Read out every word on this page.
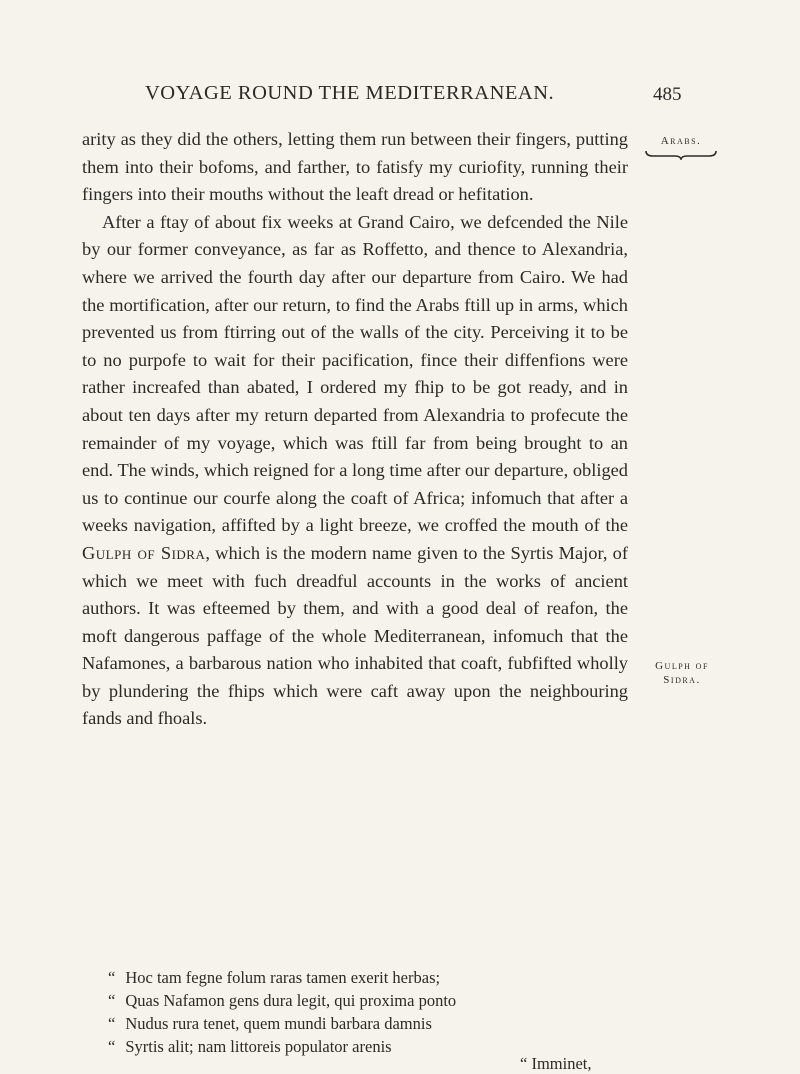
VOYAGE ROUND THE MEDITERRANEAN.	485
Arabs.
Gulph of
Sidra.

arity as they did the others, letting them run between their fingers, putting them into their bofoms, and farther, to fatisfy my curiofity, running their fingers into their mouths without the leaft dread or hefitation.

After a ftay of about fix weeks at Grand Cairo, we defcended the Nile by our former conveyance, as far as Roffetto, and thence to Alexandria, where we arrived the fourth day after our departure from Cairo. We had the mortification, after our return, to find the Arabs ftill up in arms, which prevented us from ftirring out of the walls of the city. Perceiving it to be to no purpofe to wait for their pacification, fince their diffenfions were rather increafed than abated, I ordered my fhip to be got ready, and in about ten days after my return departed from Alexandria to profecute the remainder of my voyage, which was ftill far from being brought to an end. The winds, which reigned for a long time after our departure, obliged us to continue our courfe along the coaft of Africa; infomuch that after a weeks navigation, affifted by a light breeze, we croffed the mouth of the Gulph of Sidra, which is the modern name given to the Syrtis Major, of which we meet with fuch dreadful accounts in the works of ancient authors. It was efteemed by them, and with a good deal of reafon, the moft dangerous paffage of the whole Mediterranean, infomuch that the Nafamones, a barbarous nation who inhabited that coaft, fubfifted wholly by plundering the fhips which were caft away upon the neighbouring fands and fhoals.

“ Hoc tam fegne folum raras tamen exerit herbas;
“ Quas Nafamon gens dura legit, qui proxima ponto
“ Nudus rura tenet, quem mundi barbara damnis
“ Syrtis alit; nam littoreis populator arenis
“ Imminet,
